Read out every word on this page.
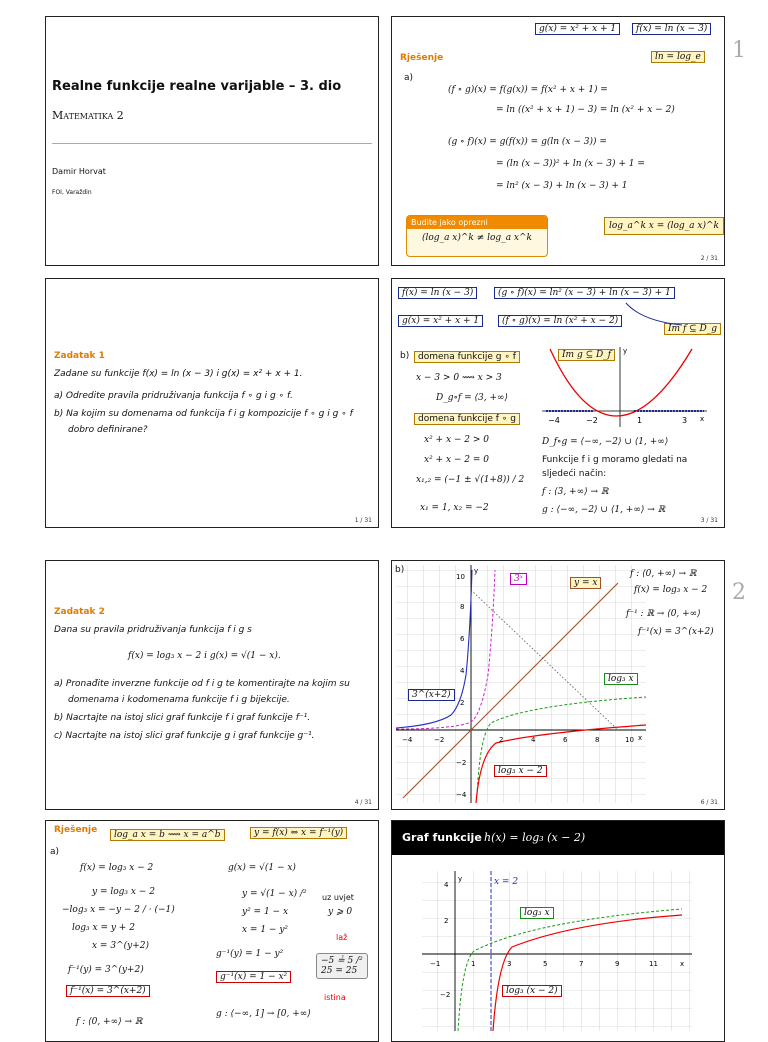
1
2
Realne funkcije realne varijable – 3. dio
Matematika 2
Damir Horvat
FOI, Varaždin
g(x) = x² + x + 1	f(x) = ln (x − 3)
ln = log_e
Rješenje
a)
(f ∘ g)(x) = f(g(x)) = f(x² + x + 1) =
= ln ((x² + x + 1) − 3) = ln (x² + x − 2)
(g ∘ f)(x) = g(f(x)) = g(ln (x − 3)) =
= (ln (x − 3))² + ln (x − 3) + 1 =
= ln² (x − 3) + ln (x − 3) + 1
Budite jako oprezni
(log_a x)^k ≠ log_a x^k
log_a^k x = (log_a x)^k
2 / 31
Zadatak 1
Zadane su funkcije f(x) = ln (x − 3) i g(x) = x² + x + 1.
a) Odredite pravila pridruživanja funkcija f ∘ g i g ∘ f.
b) Na kojim su domenama od funkcija f i g kompozicije f ∘ g i g ∘ f
dobro definirane?
1 / 31
f(x) = ln (x − 3)	(g ∘ f)(x) = ln² (x − 3) + ln (x − 3) + 1
g(x) = x² + x + 1	(f ∘ g)(x) = ln (x² + x − 2)
Im f ⊆ D_g
b) domena funkcije g ∘ f
x − 3 > 0 ⟿ x > 3
D_g∘f = ⟨3, +∞⟩
domena funkcije f ∘ g
x² + x − 2 > 0
x² + x − 2 = 0
x₁,₂ = (−1 ± √(1+8)) / 2
x₁ = 1, x₂ = −2
Im g ⊆ D_f	y
x
−4	−2	1	3
D_f∘g = ⟨−∞, −2⟩ ∪ ⟨1, +∞⟩
Funkcije f i g moramo gledati na
sljedeći način:
f : ⟨3, +∞⟩ → ℝ
g : ⟨−∞, −2⟩ ∪ ⟨1, +∞⟩ → ℝ
3 / 31
Zadatak 2
Dana su pravila pridruživanja funkcija f i g s
f(x) = log₃ x − 2 i g(x) = √(1 − x).
a) Pronađite inverzne funkcije od f i g te komentirajte na kojim su
domenama i kodomenama funkcije f i g bijekcije.
b) Nacrtajte na istoj slici graf funkcije f i graf funkcije f⁻¹.
c) Nacrtajte na istoj slici graf funkcije g i graf funkcije g⁻¹.
4 / 31
y
x
−4	−2	2	4	6	8	10
10
8
6
4
2
−2
−4
b)
3ˣ	y = x
3^(x+2)
log₃ x
log₃ x − 2
f : ⟨0, +∞⟩ → ℝ
f(x) = log₃ x − 2
f⁻¹ : ℝ → ⟨0, +∞⟩
f⁻¹(x) = 3^(x+2)
6 / 31
Rješenje	log_a x = b ⟿ x = a^b	y = f(x) ⇔ x = f⁻¹(y)
a)
f(x) = log₃ x − 2
y = log₃ x − 2
−log₃ x = −y − 2 / · (−1)
log₃ x = y + 2
x = 3^(y+2)
f⁻¹(y) = 3^(y+2)
f⁻¹(x) = 3^(x+2)
f : ⟨0, +∞⟩ → ℝ
g(x) = √(1 − x)
y = √(1 − x) /² uz uvjet
y ⩾ 0
y² = 1 − x
x = 1 − y²
g⁻¹(y) = 1 − y²
g⁻¹(x) = 1 − x²
g : ⟨−∞, 1] → [0, +∞⟩
laž
−5 ≟ 5 /²
25 = 25
istina
Graf funkcije h(x) = log₃ (x − 2)
y
x
−1	1	3	5	7	9	11
4
2
−2
x = 2
log₃ x
log₃ (x − 2)
